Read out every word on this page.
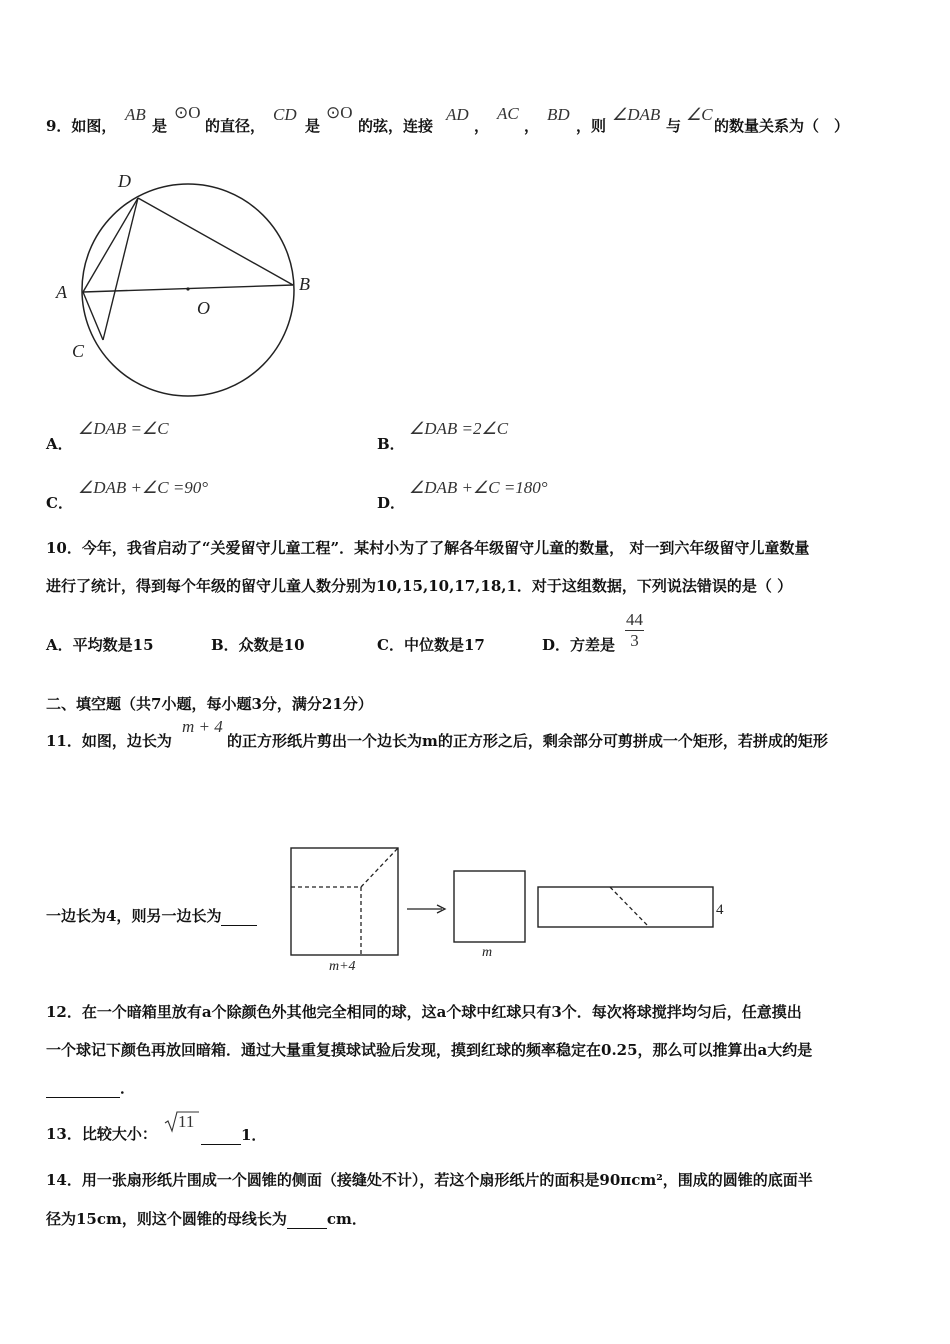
9．如图，
AB
是
⊙O
的直径，
CD
是
⊙O
的弦，连接
AD
，
AC
，
BD
，则
∠DAB
与
∠C
的数量关系为（　）
D
A	B
O
C
A．
∠DAB =∠C
B．
∠DAB =2∠C
C．
∠DAB +∠C =90°
D．
∠DAB +∠C =180°
10．今年，我省启动了“关爱留守儿童工程”．某村小为了了解各年级留守儿童的数量， 对一到六年级留守儿童数量
进行了统计，得到每个年级的留守儿童人数分别为10,15,10,17,18,1．对于这组数据，下列说法错误的是（ ）
A．平均数是15	B．众数是10	C．中位数是17	D．方差是 $\frac{44}{3}$
二、填空题（共7小题，每小题3分，满分21分）
11．如图，边长为
m + 4
的正方形纸片剪出一个边长为m的正方形之后，剩余部分可剪拼成一个矩形，若拼成的矩形
一边长为4，则另一边长为
m+4
m
4
12．在一个暗箱里放有a个除颜色外其他完全相同的球，这a个球中红球只有3个．每次将球搅拌均匀后，任意摸出
一个球记下颜色再放回暗箱．通过大量重复摸球试验后发现，摸到红球的频率稳定在0.25，那么可以推算出a大约是
．
13．比较大小：
11
1．
14．用一张扇形纸片围成一个圆锥的侧面（接缝处不计），若这个扇形纸片的面积是90πcm²，围成的圆锥的底面半
径为15cm，则这个圆锥的母线长为	cm．
